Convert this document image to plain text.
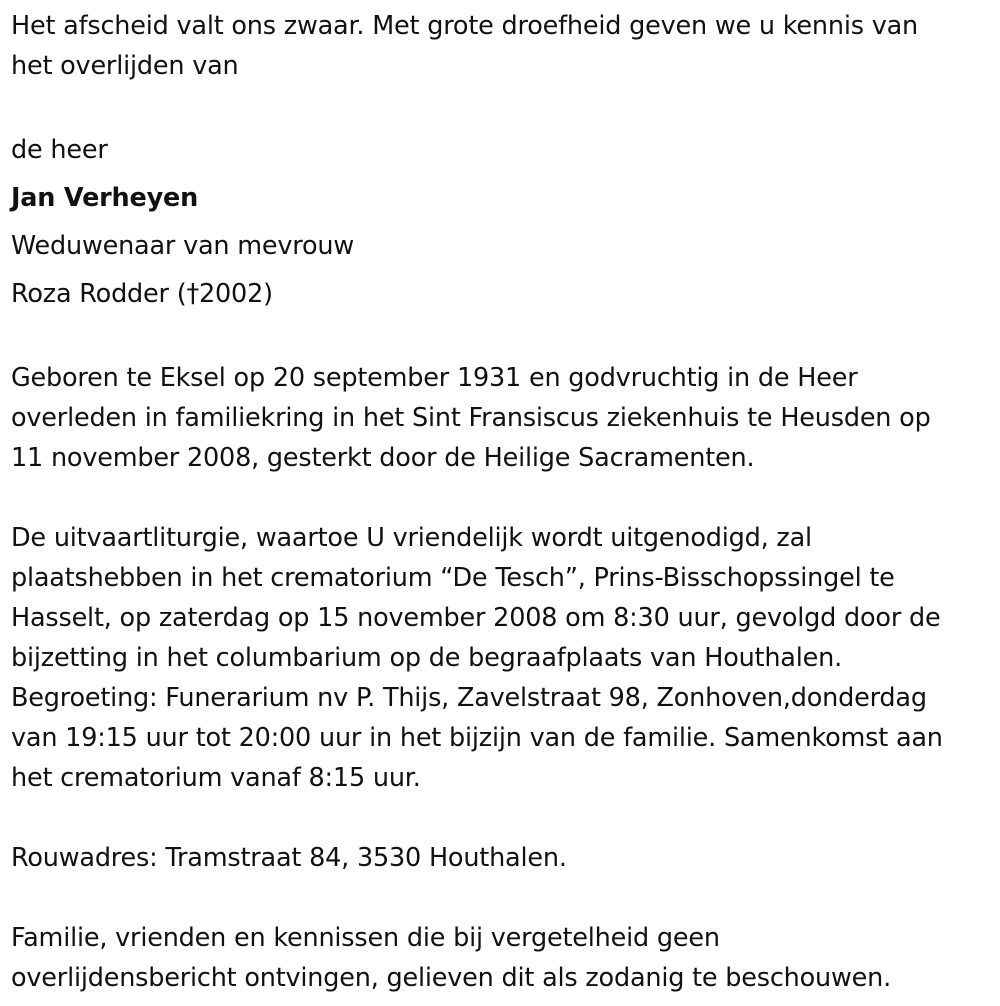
Het afscheid valt ons zwaar. Met grote droefheid geven we u kennis van
het overlijden van
de heer
Jan Verheyen
Weduwenaar van mevrouw
Roza Rodder (†2002)
Geboren te Eksel op 20 september 1931 en godvruchtig in de Heer
overleden in familiekring in het Sint Fransiscus ziekenhuis te Heusden op
11 november 2008, gesterkt door de Heilige Sacramenten.
De uitvaartliturgie, waartoe U vriendelijk wordt uitgenodigd, zal
plaatshebben in het crematorium “De Tesch”, Prins-Bisschopssingel te
Hasselt, op zaterdag op 15 november 2008 om 8:30 uur, gevolgd door de
bijzetting in het columbarium op de begraafplaats van Houthalen.
Begroeting: Funerarium nv P. Thijs, Zavelstraat 98, Zonhoven,donderdag
van 19:15 uur tot 20:00 uur in het bijzijn van de familie. Samenkomst aan
het crematorium vanaf 8:15 uur.
Rouwadres: Tramstraat 84, 3530 Houthalen.
Familie, vrienden en kennissen die bij vergetelheid geen
overlijdensbericht ontvingen, gelieven dit als zodanig te beschouwen.
